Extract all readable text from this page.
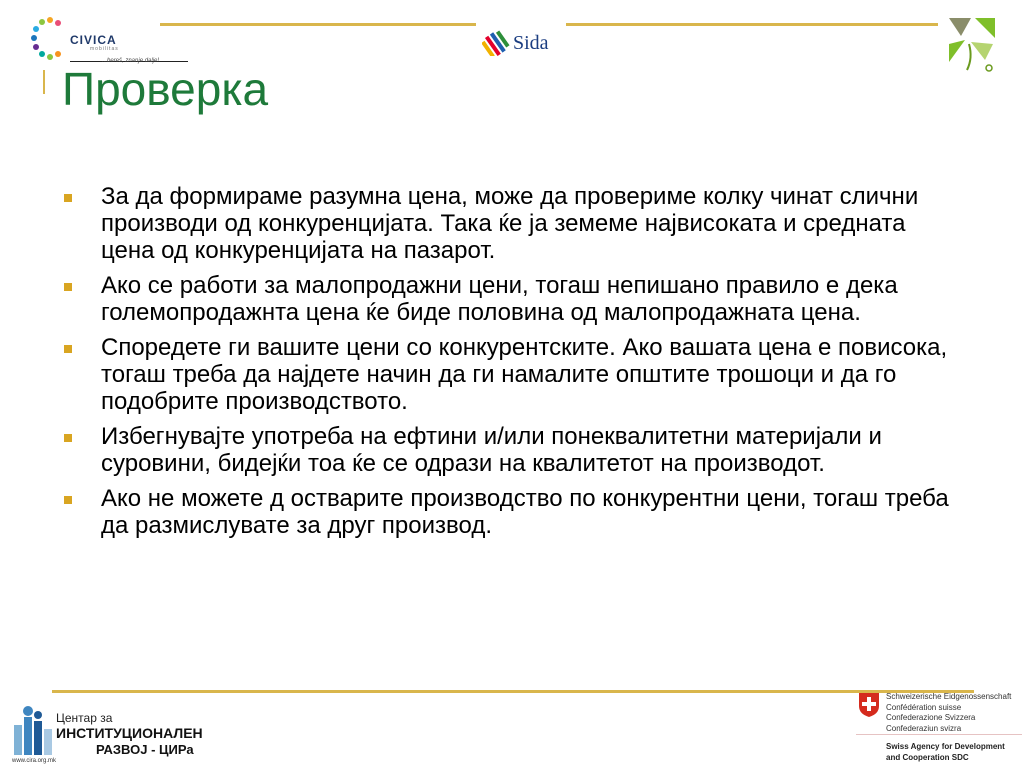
CIVICA
mobilitas
...bereš, znanje dalje!
Sida
Проверка
За да формираме разумна цена, може да провериме колку чинат слични производи од конкуренцијата. Така ќе ја земеме највисоката и средната цена од конкуренцијата на пазарот.
Ако се работи за малопродажни цени, тогаш непишано правило е дека големопродажнта цена ќе биде половина од малопродажната цена.
Споредете ги вашите цени со конкурентските. Ако вашата цена е повисока, тогаш треба да најдете начин да ги намалите општите трошоци и да го подобрите производството.
Избегнувајте употреба на ефтини и/или понеквалитетни материјали и суровини, бидејќи тоа ќе се одрази на квалитетот на производот.
Ако не можете д остварите производство по конкурентни цени, тогаш треба да размислувате за друг производ.
Центар за
ИНСТИТУЦИОНАЛЕН
РАЗВОЈ - ЦИРа
www.cira.org.mk
Schweizerische Eidgenossenschaft
Confédération suisse
Confederazione Svizzera
Confederaziun svizra
Swiss Agency for Development
and Cooperation SDC
